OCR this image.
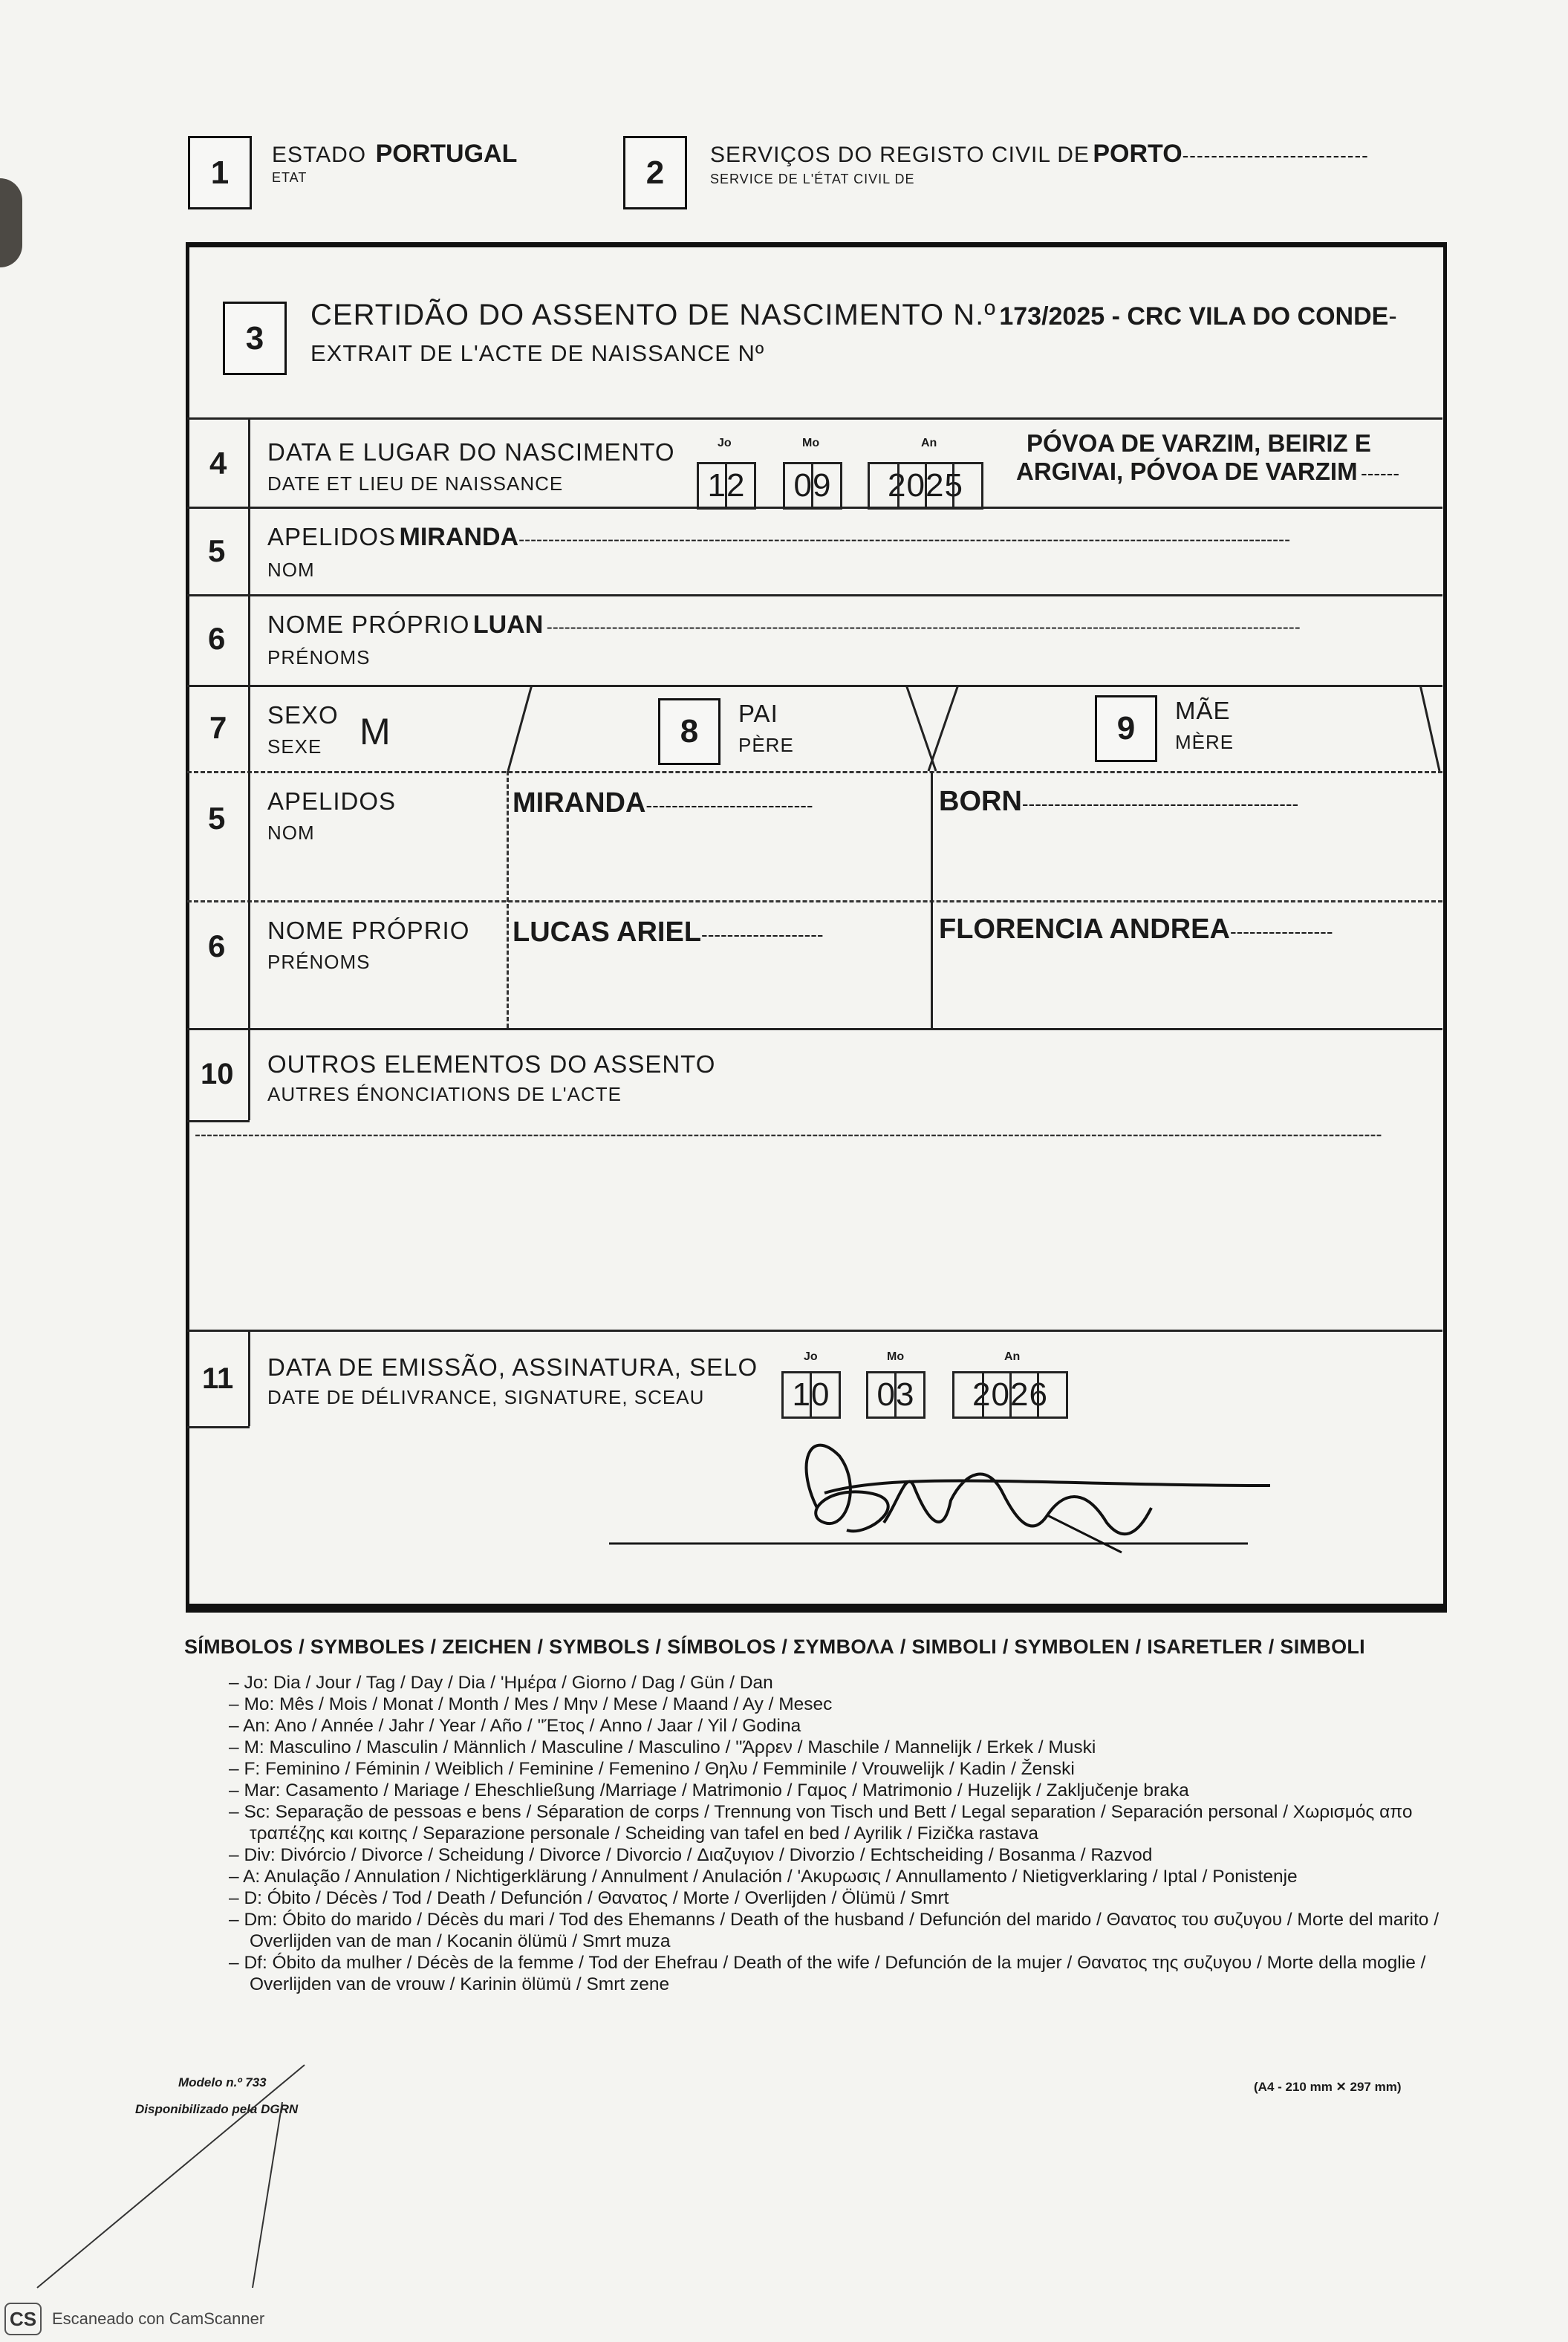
1	ESTADO PORTUGAL
ETAT	2	SERVIÇOS DO REGISTO CIVIL DE PORTO--------------------------
SERVICE DE L'ÉTAT CIVIL DE
3
CERTIDÃO DO ASSENTO DE NASCIMENTO N.º 173/2025 - CRC VILA DO CONDE-
EXTRAIT DE L'ACTE DE NAISSANCE Nº
4 DATA E LUGAR DO NASCIMENTO
DATE ET LIEU DE NAISSANCE
Jo	Mo	An
12 09 2025
PÓVOA DE VARZIM, BEIRIZ E
ARGIVAI, PÓVOA DE VARZIM ------
5 APELIDOS MIRANDA----------------------------------------------------------------------------------------------------------------------------------
NOM
6 NOME PRÓPRIO LUAN -------------------------------------------------------------------------------------------------------------------------------
PRÉNOMS
7 SEXO
SEXE M	8	PAI
PÈRE	9	MÃE
MÈRE
5 APELIDOS
NOM
MIRANDA--------------------------	BORN-------------------------------------------
6 NOME PRÓPRIO
PRÉNOMS
LUCAS ARIEL-------------------	FLORENCIA ANDREA----------------
10 OUTROS ELEMENTOS DO ASSENTO
AUTRES ÉNONCIATIONS DE L'ACTE
--------------------------------------------------------------------------------------------------------------------------------------------------------------------------------------------------------
11 DATA DE EMISSÃO, ASSINATURA, SELO
DATE DE DÉLIVRANCE, SIGNATURE, SCEAU
Jo	Mo	An
10 03 2026
SÍMBOLOS / SYMBOLES / ZEICHEN / SYMBOLS / SÍMBOLOS / ΣΥΜΒΟΛΑ / SIMBOLI / SYMBOLEN / ISARETLER / SIMBOLI
– Jo: Dia / Jour / Tag / Day / Dia / 'Ημέρα / Giorno / Dag / Gün / Dan
– Mo: Mês / Mois / Monat / Month / Mes / Μην / Mese / Maand / Ay / Mesec
– An: Ano / Année / Jahr / Year / Año / ''Έτος / Anno / Jaar / Yil / Godina
– M: Masculino / Masculin / Männlich / Masculine / Masculino / ''Άρρεν / Maschile / Mannelijk / Erkek / Muski
– F: Feminino / Féminin / Weiblich / Feminine / Femenino / Θηλυ / Femminile / Vrouwelijk / Kadin / Ženski
– Mar: Casamento / Mariage / Eheschließung /Marriage / Matrimonio / Γαμος / Matrimonio / Huzelijk / Zaključenje braka
– Sc: Separação de pessoas e bens / Séparation de corps / Trennung von Tisch und Bett / Legal separation / Separación personal / Χωρισμός απο τραπέζης και κοιτης / Separazione personale / Scheiding van tafel en bed / Ayrilik / Fizička rastava
– Div: Divórcio / Divorce / Scheidung / Divorce / Divorcio / Διαζυγιον / Divorzio / Echtscheiding / Bosanma / Razvod
– A: Anulação / Annulation / Nichtigerklärung / Annulment / Anulación / 'Ακυρωσις / Annullamento / Nietigverklaring / Iptal / Ponistenje
– D: Óbito / Décès / Tod / Death / Defunción / Θανατος / Morte / Overlijden / Ölümü / Smrt
– Dm: Óbito do marido / Décès du mari / Tod des Ehemanns / Death of the husband / Defunción del marido / Θανατος του συζυγου / Morte del marito / Overlijden van de man / Kocanin ölümü / Smrt muza
– Df: Óbito da mulher / Décès de la femme / Tod der Ehefrau / Death of the wife / Defunción de la mujer / Θανατος της συζυγου / Morte della moglie / Overlijden van de vrouw / Karinin ölümü / Smrt zene
Modelo n.º 733
Disponibilizado pela DGRN
(A4 - 210 mm ✕ 297 mm)
CS Escaneado con CamScanner
